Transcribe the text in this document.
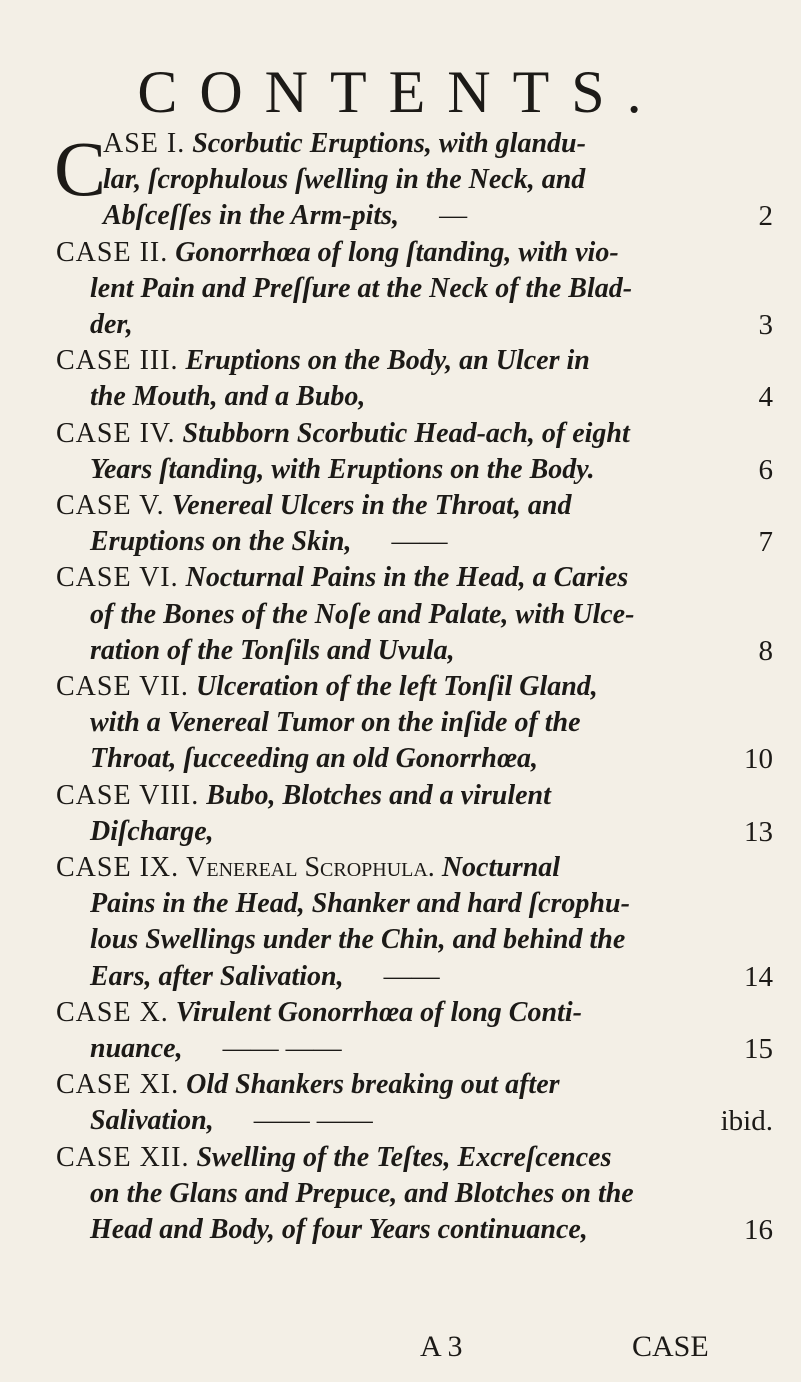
CONTENTS.
ASE I. Scorbutic Eruptions, with glandu-
lar, ſcrophulous ſwelling in the Neck, and
Abſceſſes in the Arm-pits, —	2
CASE II. Gonorrhœa of long ſtanding, with vio-
lent Pain and Preſſure at the Neck of the Blad-
der,	3
CASE III. Eruptions on the Body, an Ulcer in
the Mouth, and a Bubo,	4
CASE IV. Stubborn Scorbutic Head-ach, of eight
Years ſtanding, with Eruptions on the Body.	6
CASE V. Venereal Ulcers in the Throat, and
Eruptions on the Skin, ——	7
CASE VI. Nocturnal Pains in the Head, a Caries
of the Bones of the Noſe and Palate, with Ulce-
ration of the Tonſils and Uvula,	8
CASE VII. Ulceration of the left Tonſil Gland,
with a Venereal Tumor on the inſide of the
Throat, ſucceeding an old Gonorrhœa,	10
CASE VIII. Bubo, Blotches and a virulent
Diſcharge,	13
CASE IX. Venereal Scrophula. Nocturnal
Pains in the Head, Shanker and hard ſcrophu-
lous Swellings under the Chin, and behind the
Ears, after Salivation, ——	14
CASE X. Virulent Gonorrhœa of long Conti-
nuance, —— ——	15
CASE XI. Old Shankers breaking out after
Salivation, —— ——	ibid.
CASE XII. Swelling of the Teſtes, Excreſcences
on the Glans and Prepuce, and Blotches on the
Head and Body, of four Years continuance,	16
C
A 3	CASE
